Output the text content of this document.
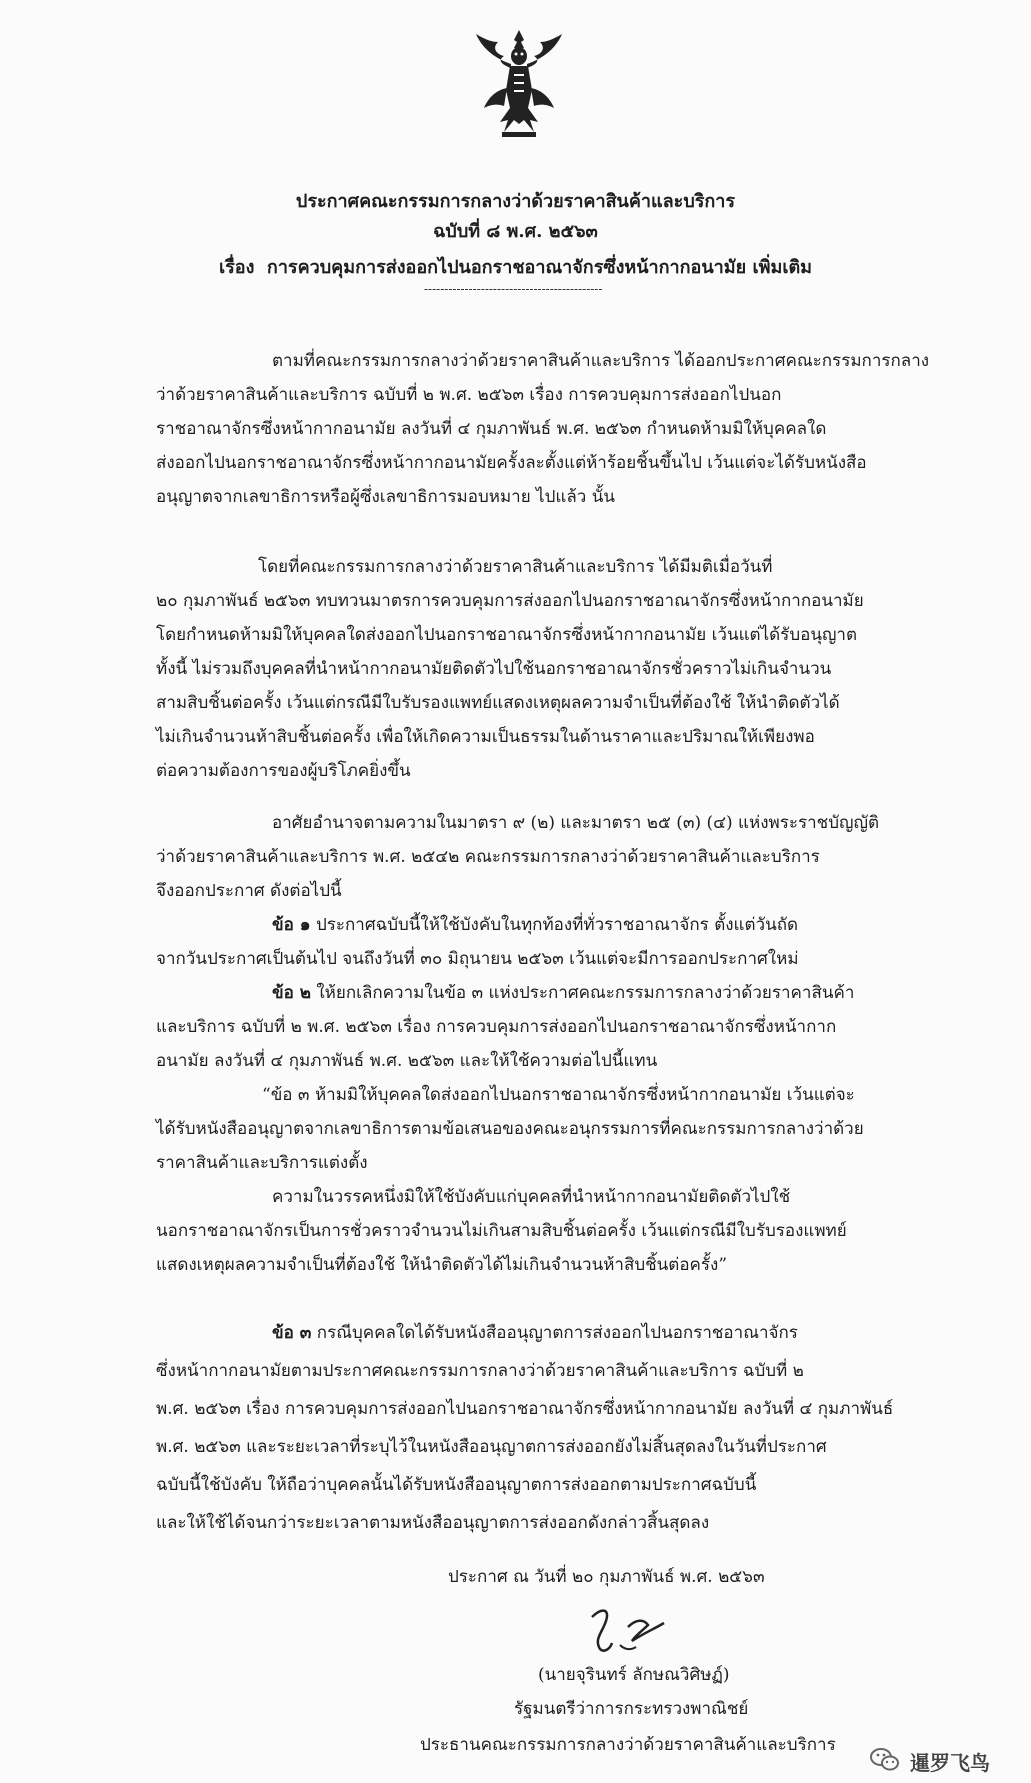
ประกาศคณะกรรมการกลางว่าด้วยราคาสินค้าและบริการ
ฉบับที่ ๘ พ.ศ. ๒๕๖๓
เรื่อง การควบคุมการส่งออกไปนอกราชอาณาจักรซึ่งหน้ากากอนามัย เพิ่มเติม
--------------------------------------------
ตามที่คณะกรรมการกลางว่าด้วยราคาสินค้าและบริการ ได้ออกประกาศคณะกรรมการกลาง
ว่าด้วยราคาสินค้าและบริการ ฉบับที่ ๒ พ.ศ. ๒๕๖๓ เรื่อง การควบคุมการส่งออกไปนอก
ราชอาณาจักรซึ่งหน้ากากอนามัย ลงวันที่ ๔ กุมภาพันธ์ พ.ศ. ๒๕๖๓ กำหนดห้ามมิให้บุคคลใด
ส่งออกไปนอกราชอาณาจักรซึ่งหน้ากากอนามัยครั้งละตั้งแต่ห้าร้อยชิ้นขึ้นไป เว้นแต่จะได้รับหนังสือ
อนุญาตจากเลขาธิการหรือผู้ซึ่งเลขาธิการมอบหมาย ไปแล้ว นั้น
โดยที่คณะกรรมการกลางว่าด้วยราคาสินค้าและบริการ ได้มีมติเมื่อวันที่
๒๐ กุมภาพันธ์ ๒๕๖๓ ทบทวนมาตรการควบคุมการส่งออกไปนอกราชอาณาจักรซึ่งหน้ากากอนามัย
โดยกำหนดห้ามมิให้บุคคลใดส่งออกไปนอกราชอาณาจักรซึ่งหน้ากากอนามัย เว้นแต่ได้รับอนุญาต
ทั้งนี้ ไม่รวมถึงบุคคลที่นำหน้ากากอนามัยติดตัวไปใช้นอกราชอาณาจักรชั่วคราวไม่เกินจำนวน
สามสิบชิ้นต่อครั้ง เว้นแต่กรณีมีใบรับรองแพทย์แสดงเหตุผลความจำเป็นที่ต้องใช้ ให้นำติดตัวได้
ไม่เกินจำนวนห้าสิบชิ้นต่อครั้ง เพื่อให้เกิดความเป็นธรรมในด้านราคาและปริมาณให้เพียงพอ
ต่อความต้องการของผู้บริโภคยิ่งขึ้น
อาศัยอำนาจตามความในมาตรา ๙ (๒) และมาตรา ๒๕ (๓) (๔) แห่งพระราชบัญญัติ
ว่าด้วยราคาสินค้าและบริการ พ.ศ. ๒๕๔๒ คณะกรรมการกลางว่าด้วยราคาสินค้าและบริการ
จึงออกประกาศ ดังต่อไปนี้
ข้อ ๑ ประกาศฉบับนี้ให้ใช้บังคับในทุกท้องที่ทั่วราชอาณาจักร ตั้งแต่วันถัด
จากวันประกาศเป็นต้นไป จนถึงวันที่ ๓๐ มิถุนายน ๒๕๖๓ เว้นแต่จะมีการออกประกาศใหม่
ข้อ ๒ ให้ยกเลิกความในข้อ ๓ แห่งประกาศคณะกรรมการกลางว่าด้วยราคาสินค้า
และบริการ ฉบับที่ ๒ พ.ศ. ๒๕๖๓ เรื่อง การควบคุมการส่งออกไปนอกราชอาณาจักรซึ่งหน้ากาก
อนามัย ลงวันที่ ๔ กุมภาพันธ์ พ.ศ. ๒๕๖๓ และให้ใช้ความต่อไปนี้แทน
“ข้อ ๓ ห้ามมิให้บุคคลใดส่งออกไปนอกราชอาณาจักรซึ่งหน้ากากอนามัย เว้นแต่จะ
ได้รับหนังสืออนุญาตจากเลขาธิการตามข้อเสนอของคณะอนุกรรมการที่คณะกรรมการกลางว่าด้วย
ราคาสินค้าและบริการแต่งตั้ง
ความในวรรคหนึ่งมิให้ใช้บังคับแก่บุคคลที่นำหน้ากากอนามัยติดตัวไปใช้
นอกราชอาณาจักรเป็นการชั่วคราวจำนวนไม่เกินสามสิบชิ้นต่อครั้ง เว้นแต่กรณีมีใบรับรองแพทย์
แสดงเหตุผลความจำเป็นที่ต้องใช้ ให้นำติดตัวได้ไม่เกินจำนวนห้าสิบชิ้นต่อครั้ง”
ข้อ ๓ กรณีบุคคลใดได้รับหนังสืออนุญาตการส่งออกไปนอกราชอาณาจักร
ซึ่งหน้ากากอนามัยตามประกาศคณะกรรมการกลางว่าด้วยราคาสินค้าและบริการ ฉบับที่ ๒
พ.ศ. ๒๕๖๓ เรื่อง การควบคุมการส่งออกไปนอกราชอาณาจักรซึ่งหน้ากากอนามัย ลงวันที่ ๔ กุมภาพันธ์
พ.ศ. ๒๕๖๓ และระยะเวลาที่ระบุไว้ในหนังสืออนุญาตการส่งออกยังไม่สิ้นสุดลงในวันที่ประกาศ
ฉบับนี้ใช้บังคับ ให้ถือว่าบุคคลนั้นได้รับหนังสืออนุญาตการส่งออกตามประกาศฉบับนี้
และให้ใช้ได้จนกว่าระยะเวลาตามหนังสืออนุญาตการส่งออกดังกล่าวสิ้นสุดลง
ประกาศ ณ วันที่ ๒๐ กุมภาพันธ์ พ.ศ. ๒๕๖๓
(นายจุรินทร์ ลักษณวิศิษฏ์)
รัฐมนตรีว่าการกระทรวงพาณิชย์
ประธานคณะกรรมการกลางว่าด้วยราคาสินค้าและบริการ
暹罗飞鸟
